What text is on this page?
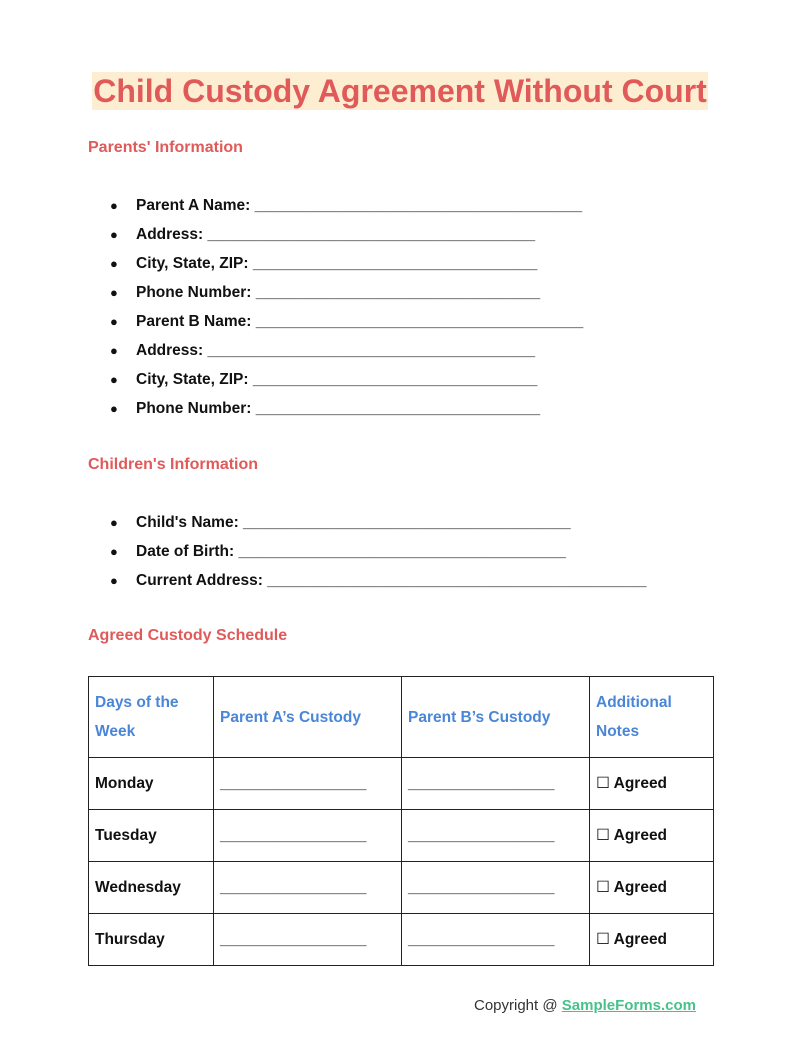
Child Custody Agreement Without Court
Parents' Information
● Parent A Name: ______________________________________
● Address: ______________________________________
● City, State, ZIP: _________________________________
● Phone Number: _________________________________
● Parent B Name: ______________________________________
● Address: ______________________________________
● City, State, ZIP: _________________________________
● Phone Number: _________________________________
Children's Information
● Child's Name: ______________________________________
● Date of Birth: ______________________________________
● Current Address: ____________________________________________
Agreed Custody Schedule
Days of the Week	Parent A’s Custody	Parent B’s Custody	Additional Notes
Monday	_________________	_________________	☐ Agreed
Tuesday	_________________	_________________	☐ Agreed
Wednesday	_________________	_________________	☐ Agreed
Thursday	_________________	_________________	☐ Agreed
Copyright @ SampleForms.com
